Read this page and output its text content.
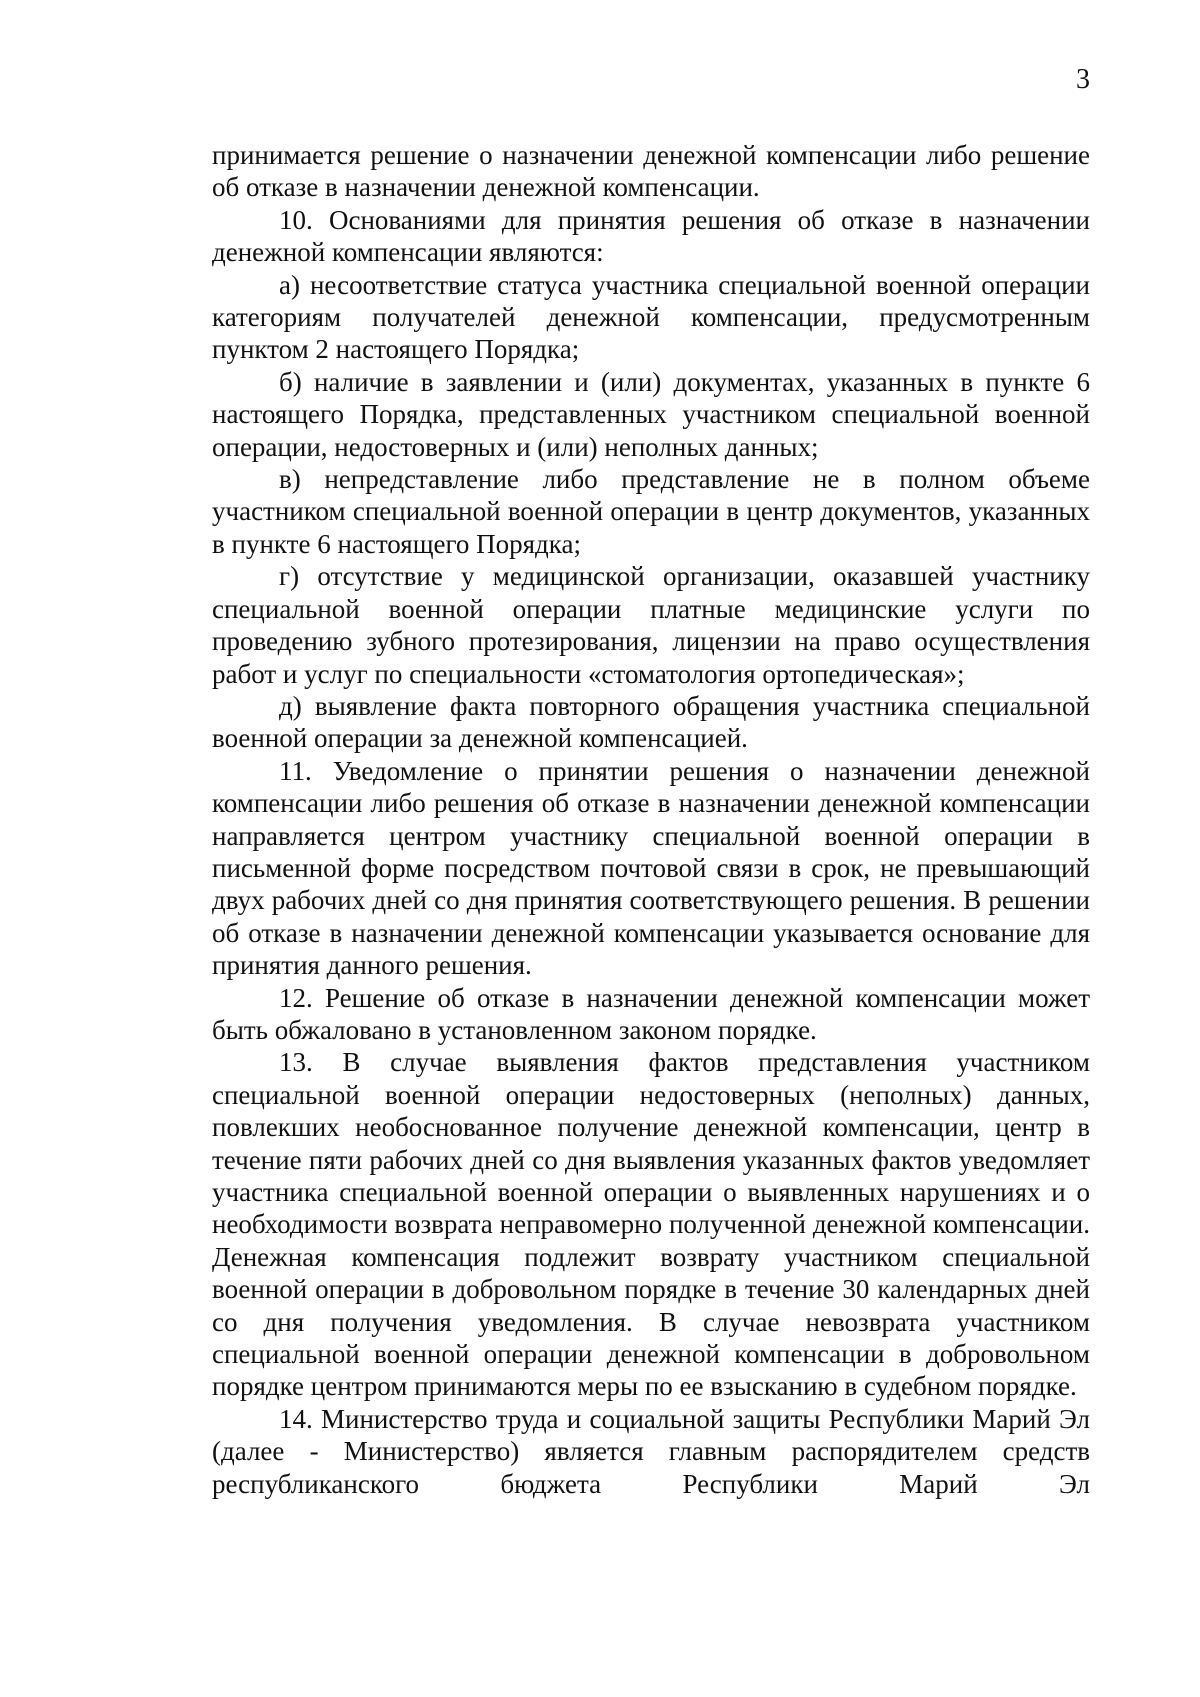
3

принимается решение о назначении денежной компенсации либо решение об отказе в назначении денежной компенсации.

10. Основаниями для принятия решения об отказе в назначении денежной компенсации являются:

а) несоответствие статуса участника специальной военной операции категориям получателей денежной компенсации, предусмотренным пунктом 2 настоящего Порядка;

б) наличие в заявлении и (или) документах, указанных в пункте 6 настоящего Порядка, представленных участником специальной военной операции, недостоверных и (или) неполных данных;

в) непредставление либо представление не в полном объеме участником специальной военной операции в центр документов, указанных в пункте 6 настоящего Порядка;

г) отсутствие у медицинской организации, оказавшей участнику специальной военной операции платные медицинские услуги по проведению зубного протезирования, лицензии на право осуществления работ и услуг по специальности «стоматология ортопедическая»;

д) выявление факта повторного обращения участника специальной военной операции за денежной компенсацией.

11. Уведомление о принятии решения о назначении денежной компенсации либо решения об отказе в назначении денежной компенсации направляется центром участнику специальной военной операции в письменной форме посредством почтовой связи в срок, не превышающий двух рабочих дней со дня принятия соответствующего решения. В решении об отказе в назначении денежной компенсации указывается основание для принятия данного решения.

12. Решение об отказе в назначении денежной компенсации может быть обжаловано в установленном законом порядке.

13. В случае выявления фактов представления участником специальной военной операции недостоверных (неполных) данных, повлекших необоснованное получение денежной компенсации, центр в течение пяти рабочих дней со дня выявления указанных фактов уведомляет участника специальной военной операции о выявленных нарушениях и о необходимости возврата неправомерно полученной денежной компенсации. Денежная компенсация подлежит возврату участником специальной военной операции в добровольном порядке в течение 30 календарных дней со дня получения уведомления. В случае невозврата участником специальной военной операции денежной компенсации в добровольном порядке центром принимаются меры по ее взысканию в судебном порядке.

14. Министерство труда и социальной защиты Республики Марий Эл (далее - Министерство) является главным распорядителем средств республиканского бюджета Республики Марий Эл
